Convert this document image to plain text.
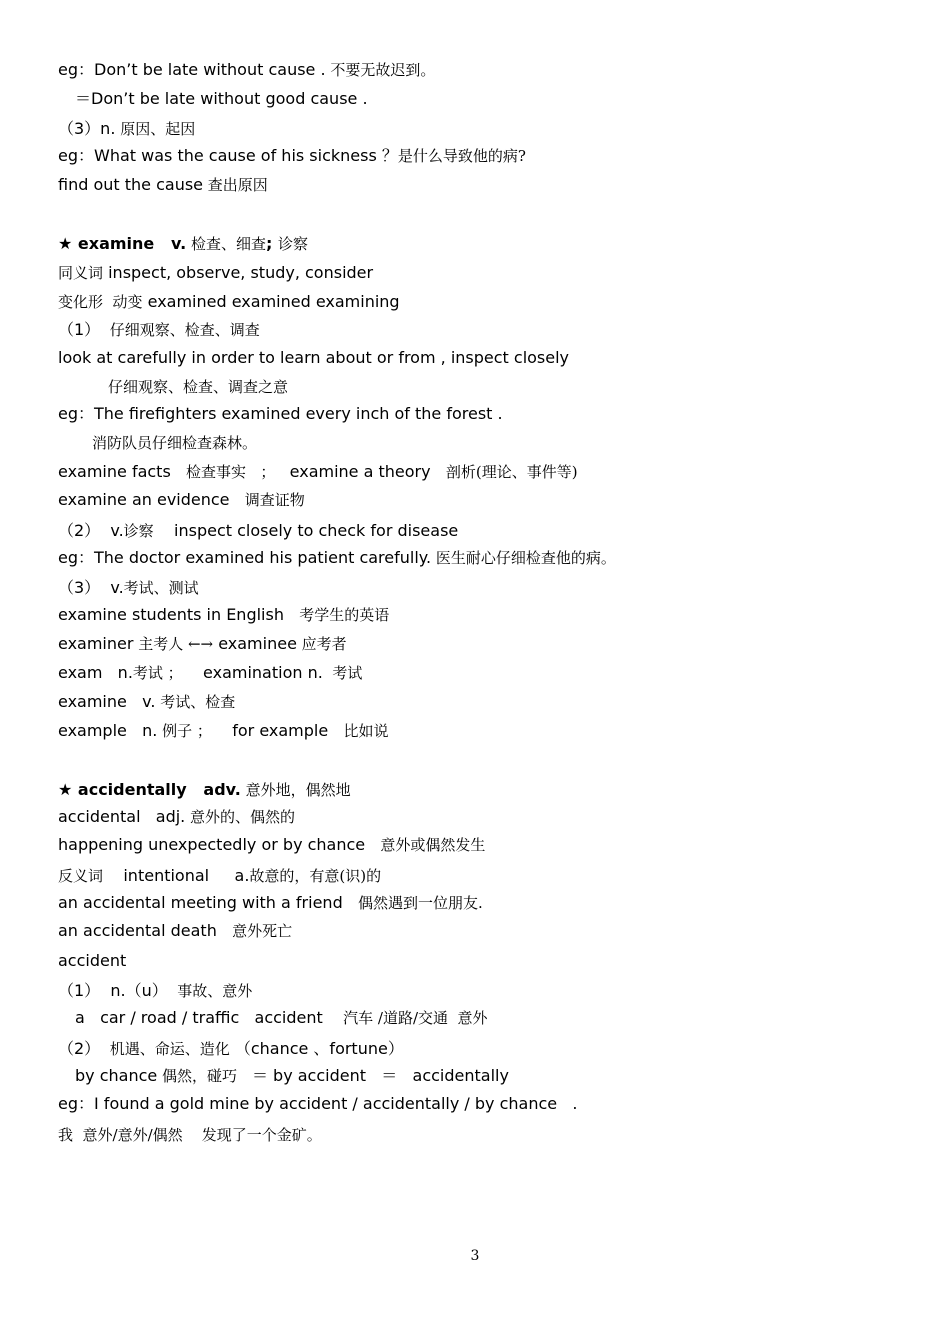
eg：Don’t be late without cause . 不要无故迟到。
＝Don’t be late without good cause .
（3）n. 原因、起因
eg：What was the cause of his sickness ？是什么导致他的病?
find out the cause 查出原因
★ examine   v. 检查、细查; 诊察
同义词 inspect, observe, study, consider
变化形  动变 examined examined examining
（1）  仔细观察、检查、调查
look at carefully in order to learn about or from , inspect closely
仔细观察、检查、调查之意
eg：The firefighters examined every inch of the forest .
消防队员仔细检查森林。
examine facts   检查事实   ；   examine a theory   剖析(理论、事件等)
examine an evidence   调查证物
（2）  v.诊察    inspect closely to check for disease
eg：The doctor examined his patient carefully. 医生耐心仔细检查他的病。
（3）  v.考试、测试
examine students in English   考学生的英语
examiner 主考人 ←→ examinee 应考者
exam   n.考试 ；    examination n.  考试
examine   v. 考试、检查
example   n. 例子 ；    for example   比如说
★ accidentally   adv. 意外地，偶然地
accidental   adj. 意外的、偶然的
happening unexpectedly or by chance   意外或偶然发生
反义词    intentional     a.故意的，有意(识)的
an accidental meeting with a friend   偶然遇到一位朋友.
an accidental death   意外死亡
accident
（1）  n.（u）  事故、意外
a   car / road / traffic   accident    汽车 /道路/交通  意外
（2）  机遇、命运、造化 （chance 、fortune）
by chance 偶然，碰巧   ＝ by accident   ＝   accidentally
eg：I found a gold mine by accident / accidentally / by chance   .
我  意外/意外/偶然    发现了一个金矿。
3
